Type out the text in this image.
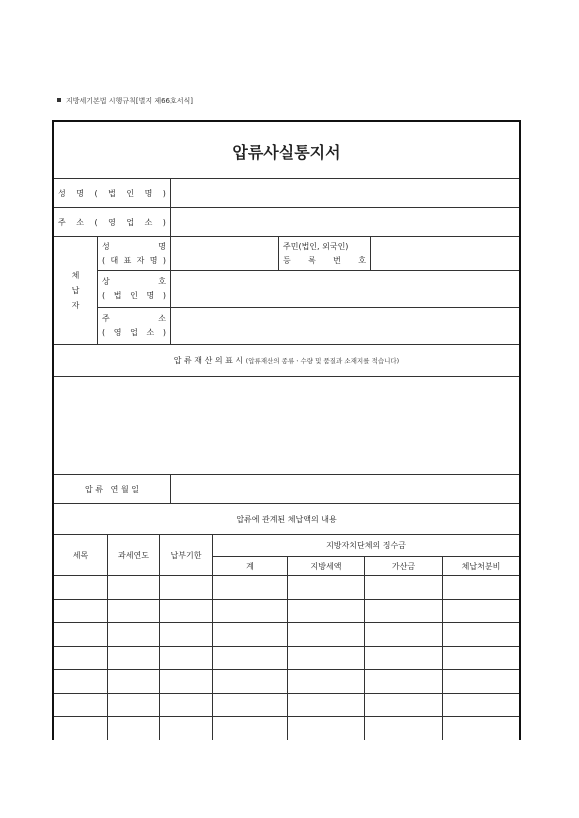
지방세기본법 시행규칙[별지 제66호서식]
압류사실통지서
성 명 ( 법 인 명 )
주 소 ( 영 업 소 )
체
납
자
성	명
( 대 표 자 명 )
주민(법인, 외국인)
등 록 번 호
상	호
( 법 인 명 )
주	소
( 영 업 소 )
압 류 재 산 의 표 시
(압류재산의 종류ㆍ수량 및 품질과 소재지를 적습니다)
압 류   연 월 일
압류에 관계된 체납액의 내용
세목	과세연도	납부기한
지방자치단체의 징수금
계	지방세액	가산금	체납처분비
